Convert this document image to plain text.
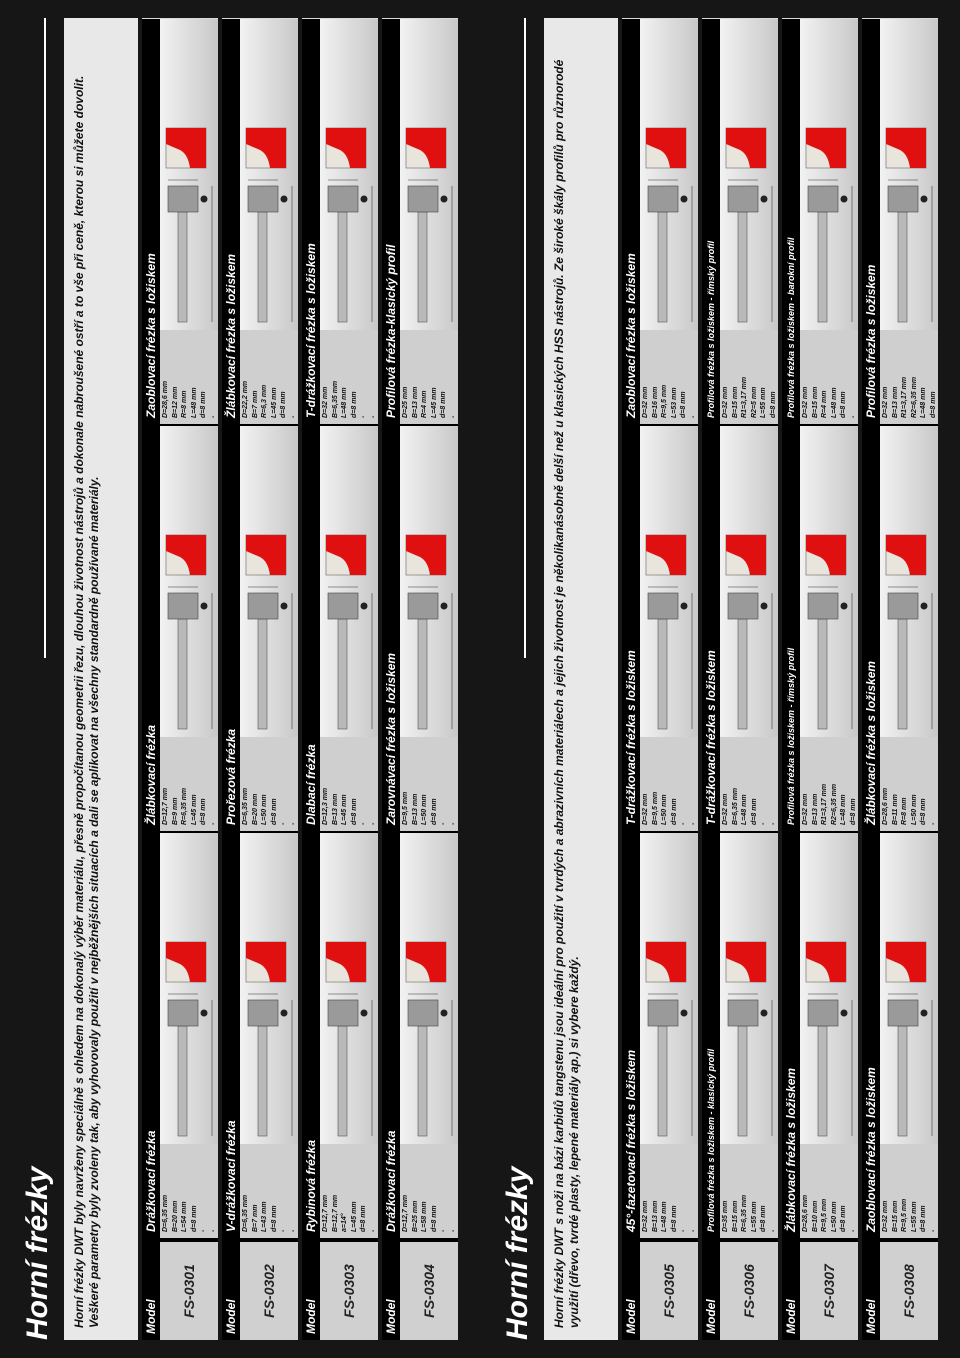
Horní frézky	Horní frézky DWT byly navrženy speciálně s ohledem na dokonalý výběr materiálu, přesně propočítanou geometrii řezu, dlouhou životnost nástrojů a dokonale nabroušené ostří a to vše při ceně, kterou si můžete dovolit. Veškeré parametry byly zvoleny tak, aby vyhovovaly použití v nejběžnějších situacích a dali se aplikovat na všechny standardně používané materiály.	Model	FS-0301
Drážkovací frézka D=6,35 mm B=20 mm L=54 mm d=8 mm - -
Žlábkovací frézka D=12,7 mm B=9 mm R=6,35 mm L=45 mm d=8 mm -
Zaoblovací frézka s ložiskem D=28,6 mm B=12 mm R=8 mm L=48 mm d=8 mm -
Model	FS-0302
V-drážkovací frézka D=6,35 mm B=7 mm L=43 mm d=8 mm - -
Prořezová frézka D=6,35 mm B=20 mm L=50 mm d=8 mm - -
Žlábkovací frézka s ložiskem D=22,2 mm B=7 mm R=6,3 mm L=45 mm d=8 mm -
Model	FS-0303
Rybinová frézka D=12,7 mm B=12,7 mm a=14° L=45 mm d=8 mm -
Dlabací frézka D=12,3 mm B=13 mm L=45 mm d=8 mm - -
T-drážkovací frézka s ložiskem D=32 mm B=6,35 mm L=48 mm d=8 mm - -
Model	FS-0304
Drážkovací frézka D=12,7 mm B=25 mm L=58 mm d=8 mm - -
Zarovnávací frézka s ložiskem D=9,5 mm B=13 mm L=50 mm d=8 mm - -
Profilová frézka-klasický profil D=25 mm B=13 mm R=4 mm L=45 mm d=8 mm -
Horní frézky	Horní frézky DWT s noži na bázi karbidů tangstenu jsou ideální pro použití v tvrdých a abrazivních materiálech a jejich životnost je několikanásobně delší než u klasických HSS nástrojů. Ze široké škály profilů pro různorodé využití (dřevo, tvrdé plasty, lepené materiály ap.) si vybere každý.	Model	FS-0305
45°-fazetovací frézka s ložiskem D=32 mm B=13 mm L=48 mm d=8 mm - -
T-drážkovací frézka s ložiskem D=32 mm B=9,5 mm L=50 mm d=8 mm - -
Zaoblovací frézka s ložiskem D=32 mm B=16 mm R=9,5 mm L=53 mm d=8 mm -
Model	FS-0306
Profilová frézka s ložiskem - klasický profil D=35 mm B=15 mm R=6,35 mm L=55 mm d=8 mm -
T-drážkovací frézka s ložiskem D=32 mm B=6,35 mm L=48 mm d=8 mm - -
Profilová frézka s ložiskem - římský profil D=32 mm B=15 mm R1=3,17 mm R2=5 mm L=55 mm d=8 mm
Model	FS-0307
Žlábkovací frézka s ložiskem D=28,6 mm B=10 mm R=9,5 mm L=50 mm d=8 mm -
Profilová frézka s ložiskem - římský profil D=32 mm B=13 mm R1=3,17 mm R2=6,35 mm L=48 mm d=8 mm
Profilová frézka s ložiskem - barokní profil D=32 mm B=15 mm R=4 mm L=48 mm d=8 mm -
Model	FS-0308
Zaoblovací frézka s ložiskem D=32 mm B=15 mm R=9,5 mm L=55 mm d=8 mm -
Žlábkovací frézka s ložiskem D=28,6 mm B=11 mm R=8 mm L=50 mm d=8 mm -
Profilová frézka s ložiskem D=32 mm B=13 mm R1=3,17 mm R2=6,35 mm L=48 mm d=8 mm
